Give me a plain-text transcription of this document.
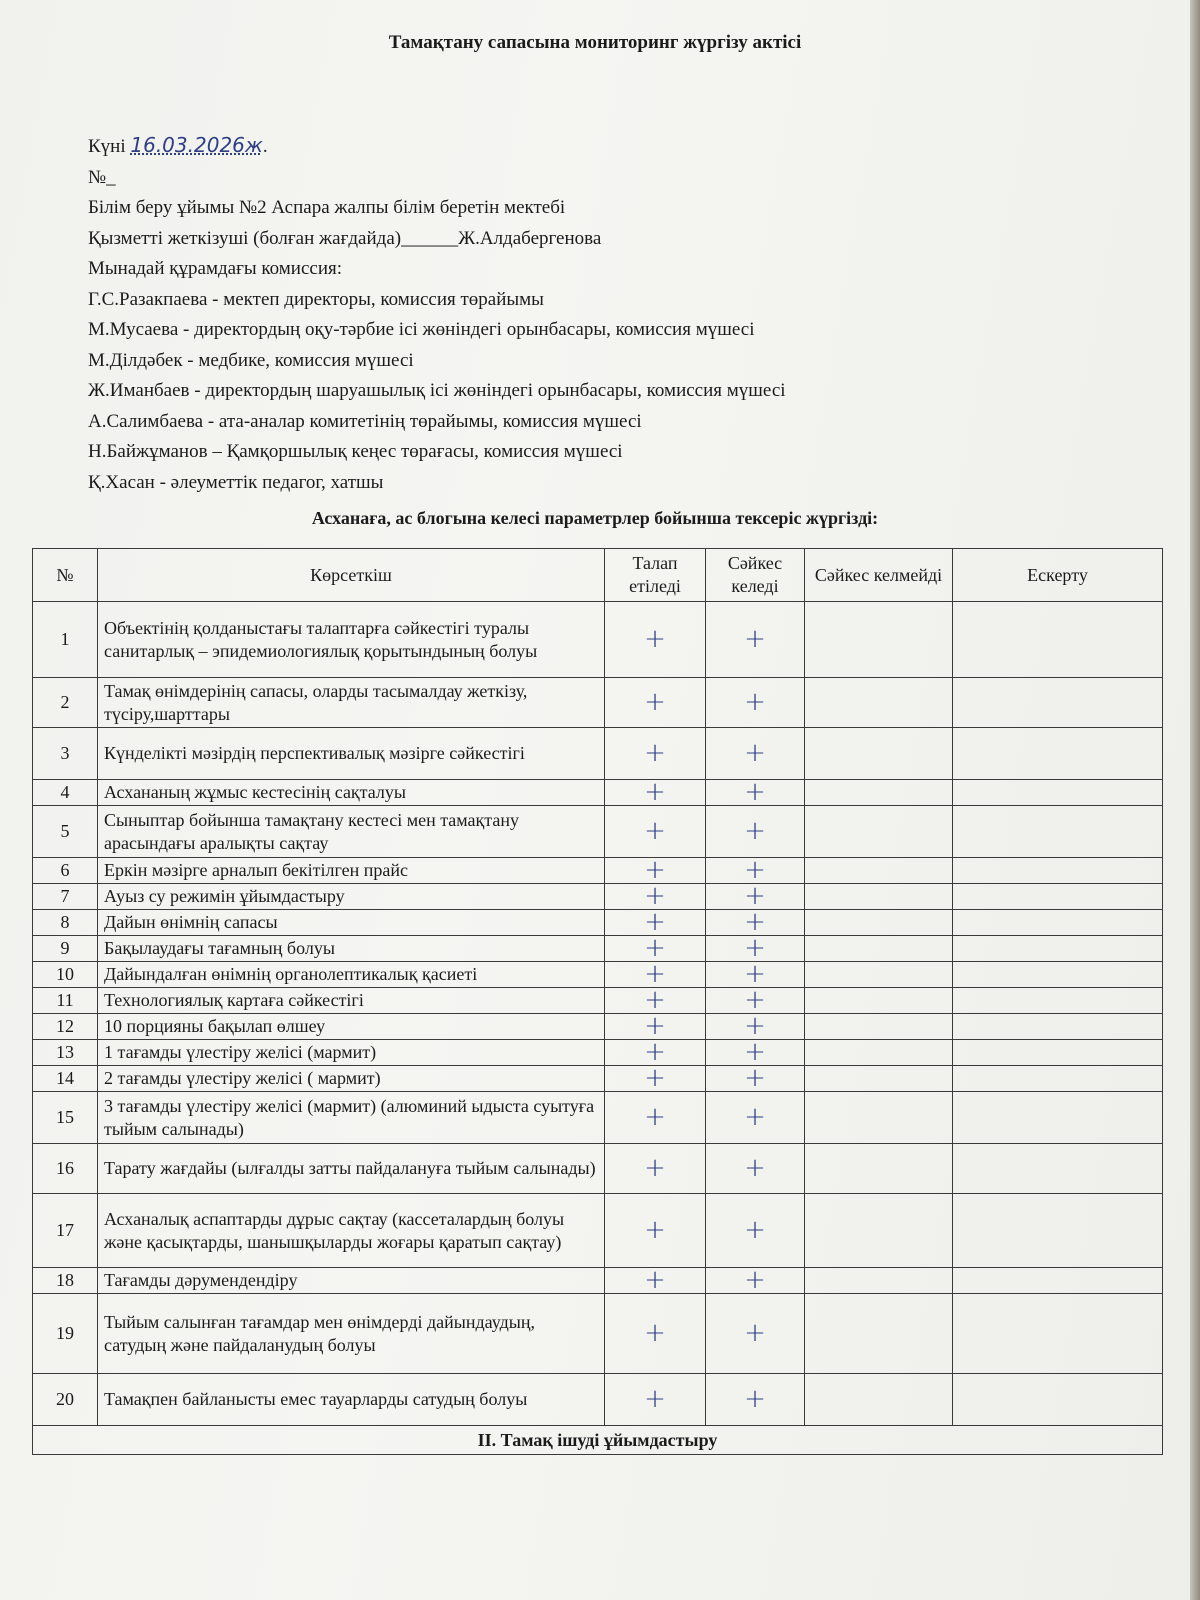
Тамақтану сапасына мониторинг жүргізу актісі
Күні 16.03.2026ж.
№_
Білім беру ұйымы №2 Аспара жалпы білім беретін мектебі
Қызметті жеткізуші (болған жағдайда)______Ж.Алдабергенова
Мынадай құрамдағы комиссия:
Г.С.Разакпаева - мектеп директоры, комиссия төрайымы
М.Мусаева - директордың оқу-тәрбие ісі жөніндегі орынбасары, комиссия мүшесі
М.Ділдәбек - медбике, комиссия мүшесі
Ж.Иманбаев - директордың шаруашылық ісі жөніндегі орынбасары, комиссия мүшесі
А.Салимбаева - ата-аналар комитетінің төрайымы, комиссия мүшесі
Н.Байжұманов – Қамқоршылық кеңес төрағасы, комиссия мүшесі
Қ.Хасан - әлеуметтік педагог, хатшы
Асханаға, ас блогына келесі параметрлер бойынша тексеріс жүргізді:
№	Көрсеткіш	Талап етіледі	Сәйкес келеді	Сәйкес келмейді	Ескерту
1	Объектінің қолданыстағы талаптарға сәйкестігі туралы санитарлық – эпидемиологиялық қорытындының болуы	+	+		
2	Тамақ өнімдерінің сапасы, оларды тасымалдау жеткізу, түсіру,шарттары	+	+		
3	Күнделікті мәзірдің перспективалық мәзірге сәйкестігі	+	+		
4	Асхананың жұмыс кестесінің сақталуы	+	+		
5	Сыныптар бойынша тамақтану кестесі мен тамақтану арасындағы аралықты сақтау	+	+		
6	Еркін мәзірге арналып бекітілген прайс	+	+		
7	Ауыз су режимін ұйымдастыру	+	+		
8	Дайын өнімнің сапасы	+	+		
9	Бақылаудағы тағамның болуы	+	+		
10	Дайындалған өнімнің органолептикалық қасиеті	+	+		
11	Технологиялық картаға сәйкестігі	+	+		
12	10 порцияны бақылап өлшеу	+	+		
13	1 тағамды үлестіру желісі (мармит)	+	+		
14	2 тағамды үлестіру желісі ( мармит)	+	+		
15	3 тағамды үлестіру желісі (мармит) (алюминий ыдыста суытуға тыйым салынады)	+	+		
16	Тарату жағдайы (ылғалды затты пайдалануға тыйым салынады)	+	+		
17	Асханалық аспаптарды дұрыс сақтау (кассеталардың болуы және қасықтарды, шанышқыларды жоғары қаратып сақтау)	+	+		
18	Тағамды дәрумендендіру	+	+		
19	Тыйым салынған тағамдар мен өнімдерді дайындаудың, сатудың және пайдаланудың болуы	+	+		
20	Тамақпен байланысты емес тауарларды сатудың болуы	+	+		
II. Тамақ ішуді ұйымдастыру					
